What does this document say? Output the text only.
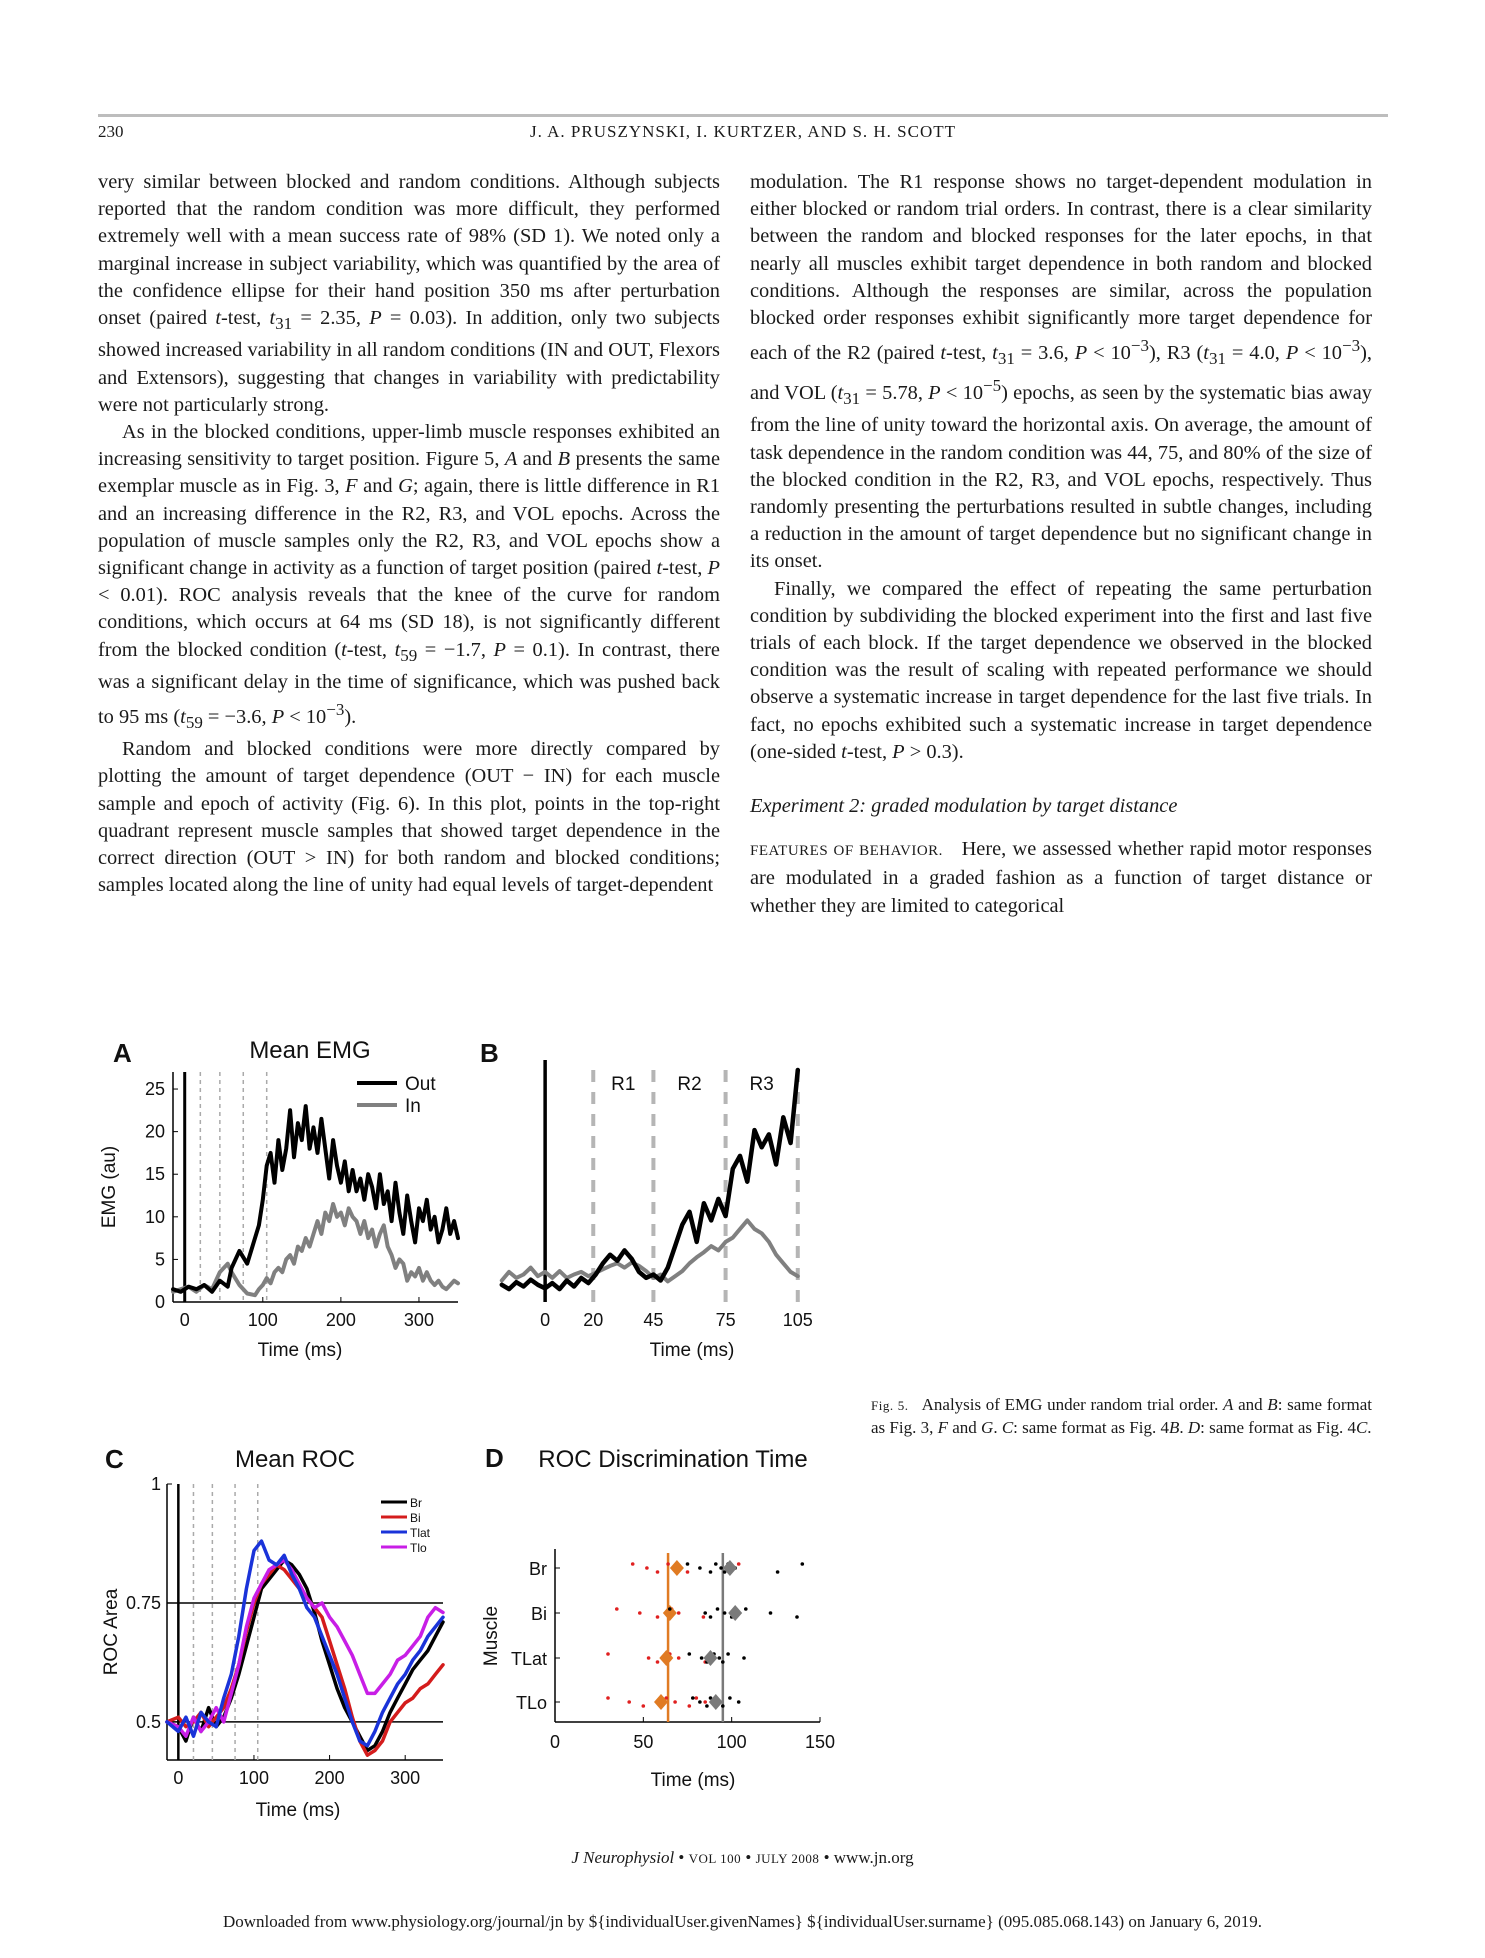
230	J. A. PRUSZYNSKI, I. KURTZER, AND S. H. SCOTT

very similar between blocked and random conditions. Although subjects reported that the random condition was more difficult, they performed extremely well with a mean success rate of 98% (SD 1). We noted only a marginal increase in subject variability, which was quantified by the area of the confidence ellipse for their hand position 350 ms after perturbation onset (paired t-test, $t_{31} = 2.35$, P = 0.03). In addition, only two subjects showed increased variability in all random conditions (IN and OUT, Flexors and Extensors), suggesting that changes in variability with predictability were not particularly strong.

As in the blocked conditions, upper-limb muscle responses exhibited an increasing sensitivity to target position. Figure 5, A and B presents the same exemplar muscle as in Fig. 3, F and G; again, there is little difference in R1 and an increasing difference in the R2, R3, and VOL epochs. Across the population of muscle samples only the R2, R3, and VOL epochs show a significant change in activity as a function of target position (paired t-test, P < 0.01). ROC analysis reveals that the knee of the curve for random conditions, which occurs at 64 ms (SD 18), is not significantly different from the blocked condition (t-test, $t_{59} = -1.7$, P = 0.1). In contrast, there was a significant delay in the time of significance, which was pushed back to 95 ms ($t_{59} = -3.6$, $P < 10^{-3}$).

Random and blocked conditions were more directly compared by plotting the amount of target dependence (OUT − IN) for each muscle sample and epoch of activity (Fig. 6). In this plot, points in the top-right quadrant represent muscle samples that showed target dependence in the correct direction (OUT > IN) for both random and blocked conditions; samples located along the line of unity had equal levels of target-dependent

modulation. The R1 response shows no target-dependent modulation in either blocked or random trial orders. In contrast, there is a clear similarity between the random and blocked responses for the later epochs, in that nearly all muscles exhibit target dependence in both random and blocked conditions. Although the responses are similar, across the population blocked order responses exhibit significantly more target dependence for each of the R2 (paired t-test, $t_{31} = 3.6$, $P < 10^{-3}$), R3 ($t_{31} = 4.0$, $P < 10^{-3}$), and VOL ($t_{31} = 5.78$, $P < 10^{-5}$) epochs, as seen by the systematic bias away from the line of unity toward the horizontal axis. On average, the amount of task dependence in the random condition was 44, 75, and 80% of the size of the blocked condition in the R2, R3, and VOL epochs, respectively. Thus randomly presenting the perturbations resulted in subtle changes, including a reduction in the amount of target dependence but no significant change in its onset.

Finally, we compared the effect of repeating the same perturbation condition by subdividing the blocked experiment into the first and last five trials of each block. If the target dependence we observed in the blocked condition was the result of scaling with repeated performance we should observe a systematic increase in target dependence for the last five trials. In fact, no epochs exhibited such a systematic increase in target dependence (one-sided t-test, P > 0.3).

Experiment 2: graded modulation by target distance

FEATURES OF BEHAVIOR. Here, we assessed whether rapid motor responses are modulated in a graded fashion as a function of target distance or whether they are limited to categorical

A	Mean EMG
0
5
10
15
20
25
0	100	200	300
Time (ms)
EMG (au)
Out
In
B
R1 R2	R3
0 20 45	75	105
Time (ms)
C	Mean ROC
0.5
0.75
1
0	100	200	300
Time (ms)
ROC Area
Br
Bi
Tlat
Tlo
D ROC Discrimination Time
0	50	100	150
Br
Bi
TLat
TLo
Time (ms)
Muscle
Fig. 5. Analysis of EMG under random trial order. A and B: same format as Fig. 3, F and G. C: same format as Fig. 4B. D: same format as Fig. 4C.
J Neurophysiol • VOL 100 • JULY 2008 • www.jn.org
Downloaded from www.physiology.org/journal/jn by ${individualUser.givenNames} ${individualUser.surname} (095.085.068.143) on January 6, 2019.
